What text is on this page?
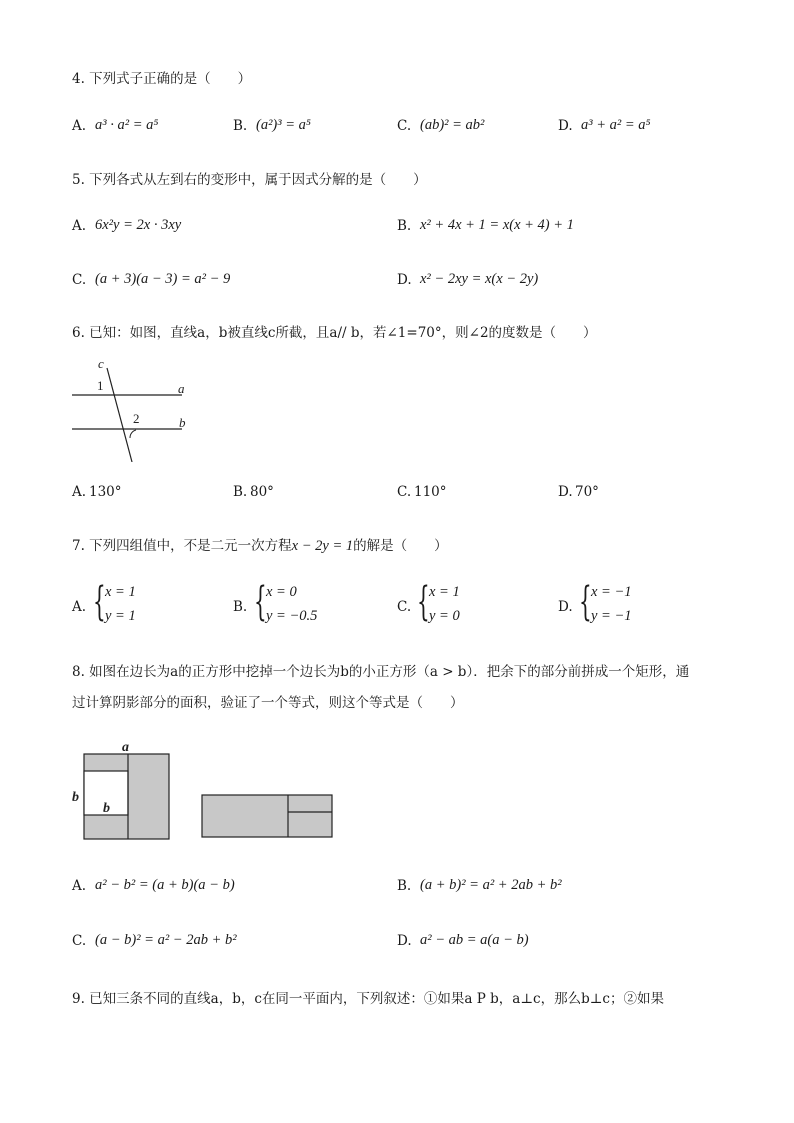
4. 下列式子正确的是（　　）
A. a³ · a² = a⁵	B. (a²)³ = a⁵	C. (ab)² = ab²	D. a³ + a² = a⁵
5. 下列各式从左到右的变形中，属于因式分解的是（　　）
A. 6x²y = 2x · 3xy	B. x² + 4x + 1 = x(x + 4) + 1
C. (a + 3)(a − 3) = a² − 9	D. x² − 2xy = x(x − 2y)
6. 已知：如图，直线a，b被直线c所截，且a// b，若∠1=70°，则∠2的度数是（　　）
c
1	a
2	b
A. 130°	B. 80°	C. 110°	D. 70°
7. 下列四组值中，不是二元一次方程x − 2y = 1的解是（　　）
A. { x = 1
y = 1
B. { x = 0
y = −0.5
C. { x = 1
y = 0
D. { x = −1
y = −1
8. 如图在边长为a的正方形中挖掉一个边长为b的小正方形（a > b）．把余下的部分前拼成一个矩形，通
过计算阴影部分的面积，验证了一个等式，则这个等式是（　　）
a
b
b
A. a² − b² = (a + b)(a − b)	B. (a + b)² = a² + 2ab + b²
C. (a − b)² = a² − 2ab + b²	D. a² − ab = a(a − b)
9. 已知三条不同的直线a，b，c在同一平面内，下列叙述：①如果a P b，a⊥c，那么b⊥c；②如果
